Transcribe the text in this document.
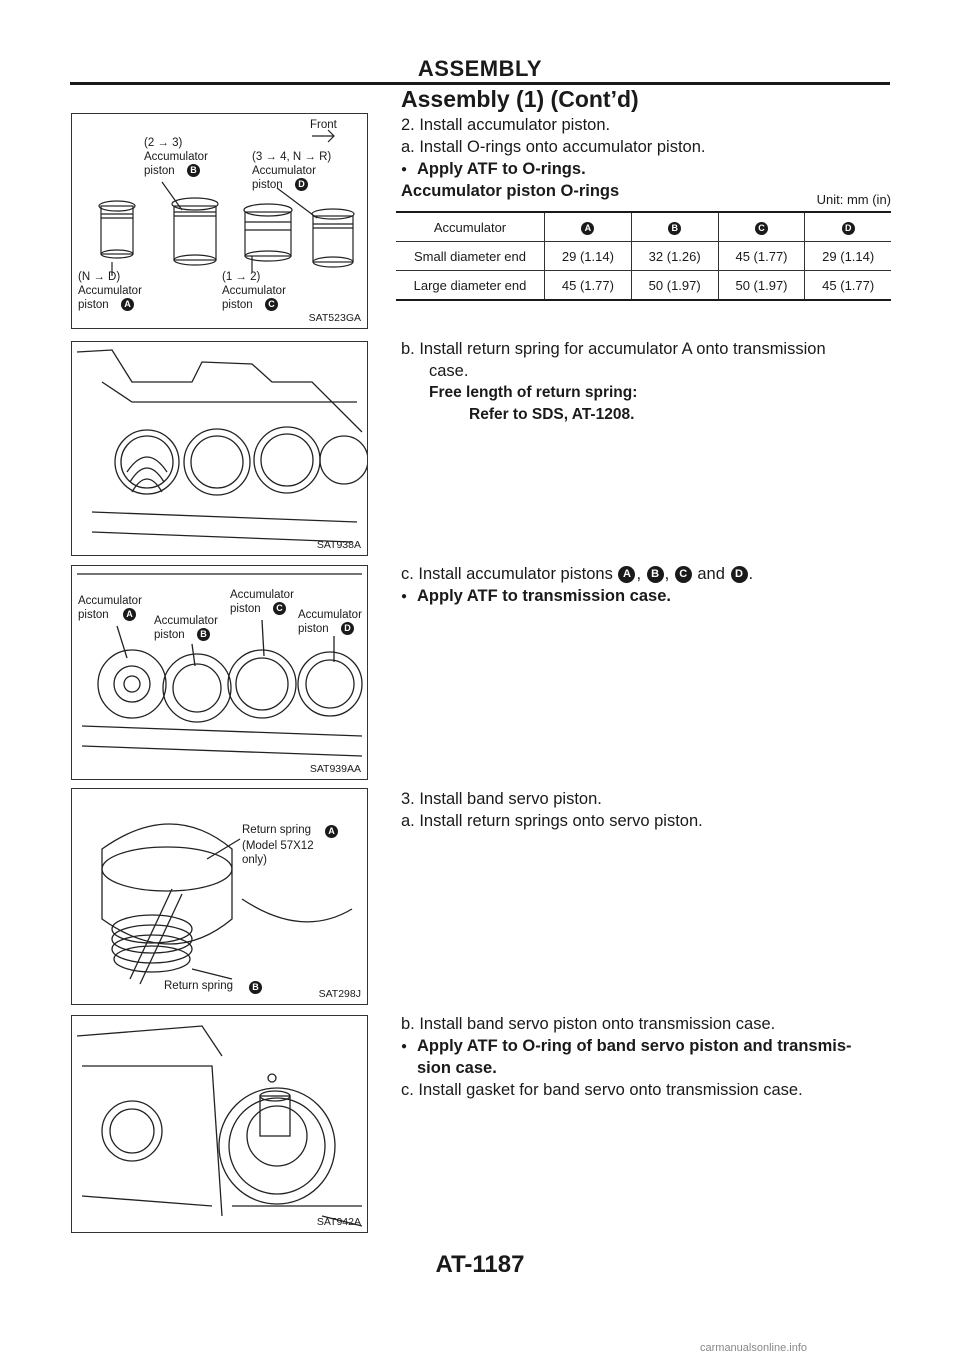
ASSEMBLY
Assembly (1) (Cont’d)
Front
(2 → 3)
Accumulator
piston
(3 → 4, N → R)
Accumulator
piston
(N → D)
Accumulator
piston
(1 → 2)
Accumulator
piston
B
D
A	C
SAT523GA

2. Install accumulator piston.

a. Install O-rings onto accumulator piston.

● Apply ATF to O-rings.

Accumulator piston O-rings	Unit: mm (in)
Accumulator	A	B	C	D
Small diameter end	29 (1.14)	32 (1.26)	45 (1.77)	29 (1.14)
Large diameter end	45 (1.77)	50 (1.97)	50 (1.97)	45 (1.77)
SAT938A

b. Install return spring for accumulator A onto transmission

case.

Free length of return spring:

Refer to SDS, AT-1208.

Accumulator
piston	Accumulator
piston
Accumulator
piston	Accumulator
piston
A
B
C
D
SAT939AA

c. Install accumulator pistons A , B , C and D .

● Apply ATF to transmission case.

Return spring	A
(Model 57X12
only)
Return spring	B
SAT298J

3. Install band servo piston.

a. Install return springs onto servo piston.

SAT942A

b. Install band servo piston onto transmission case.

● Apply ATF to O-ring of band servo piston and transmis-

sion case.

c. Install gasket for band servo onto transmission case.

AT-1187
carmanualsonline.info
